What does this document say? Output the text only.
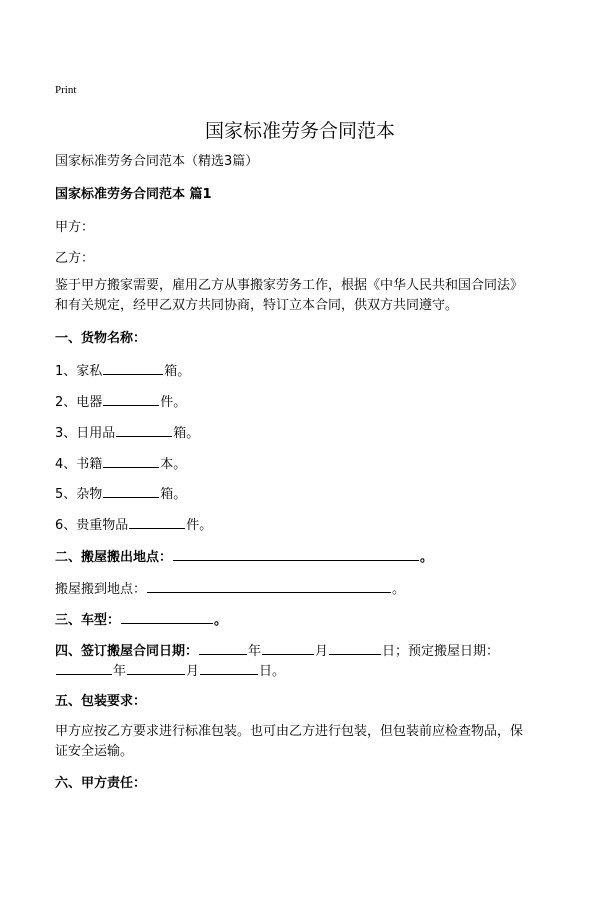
Print
国家标准劳务合同范本
国家标准劳务合同范本（精选3篇）
国家标准劳务合同范本 篇1
甲方：
乙方：
鉴于甲方搬家需要，雇用乙方从事搬家劳务工作，根据《中华人民共和国合同法》
和有关规定，经甲乙双方共同协商，特订立本合同，供双方共同遵守。
一、货物名称：
1、家私	箱。
2、电器	件。
3、日用品	箱。
4、书籍	本。
5、杂物	箱。
6、贵重物品	件。
二、搬屋搬出地点：	。
搬屋搬到地点：	。
三、车型：	。
四、签订搬屋合同日期：	年	月	日；预定搬屋日期：
年	月	日。
五、包装要求：
甲方应按乙方要求进行标准包装。也可由乙方进行包装，但包装前应检查物品，保
证安全运输。
六、甲方责任：
